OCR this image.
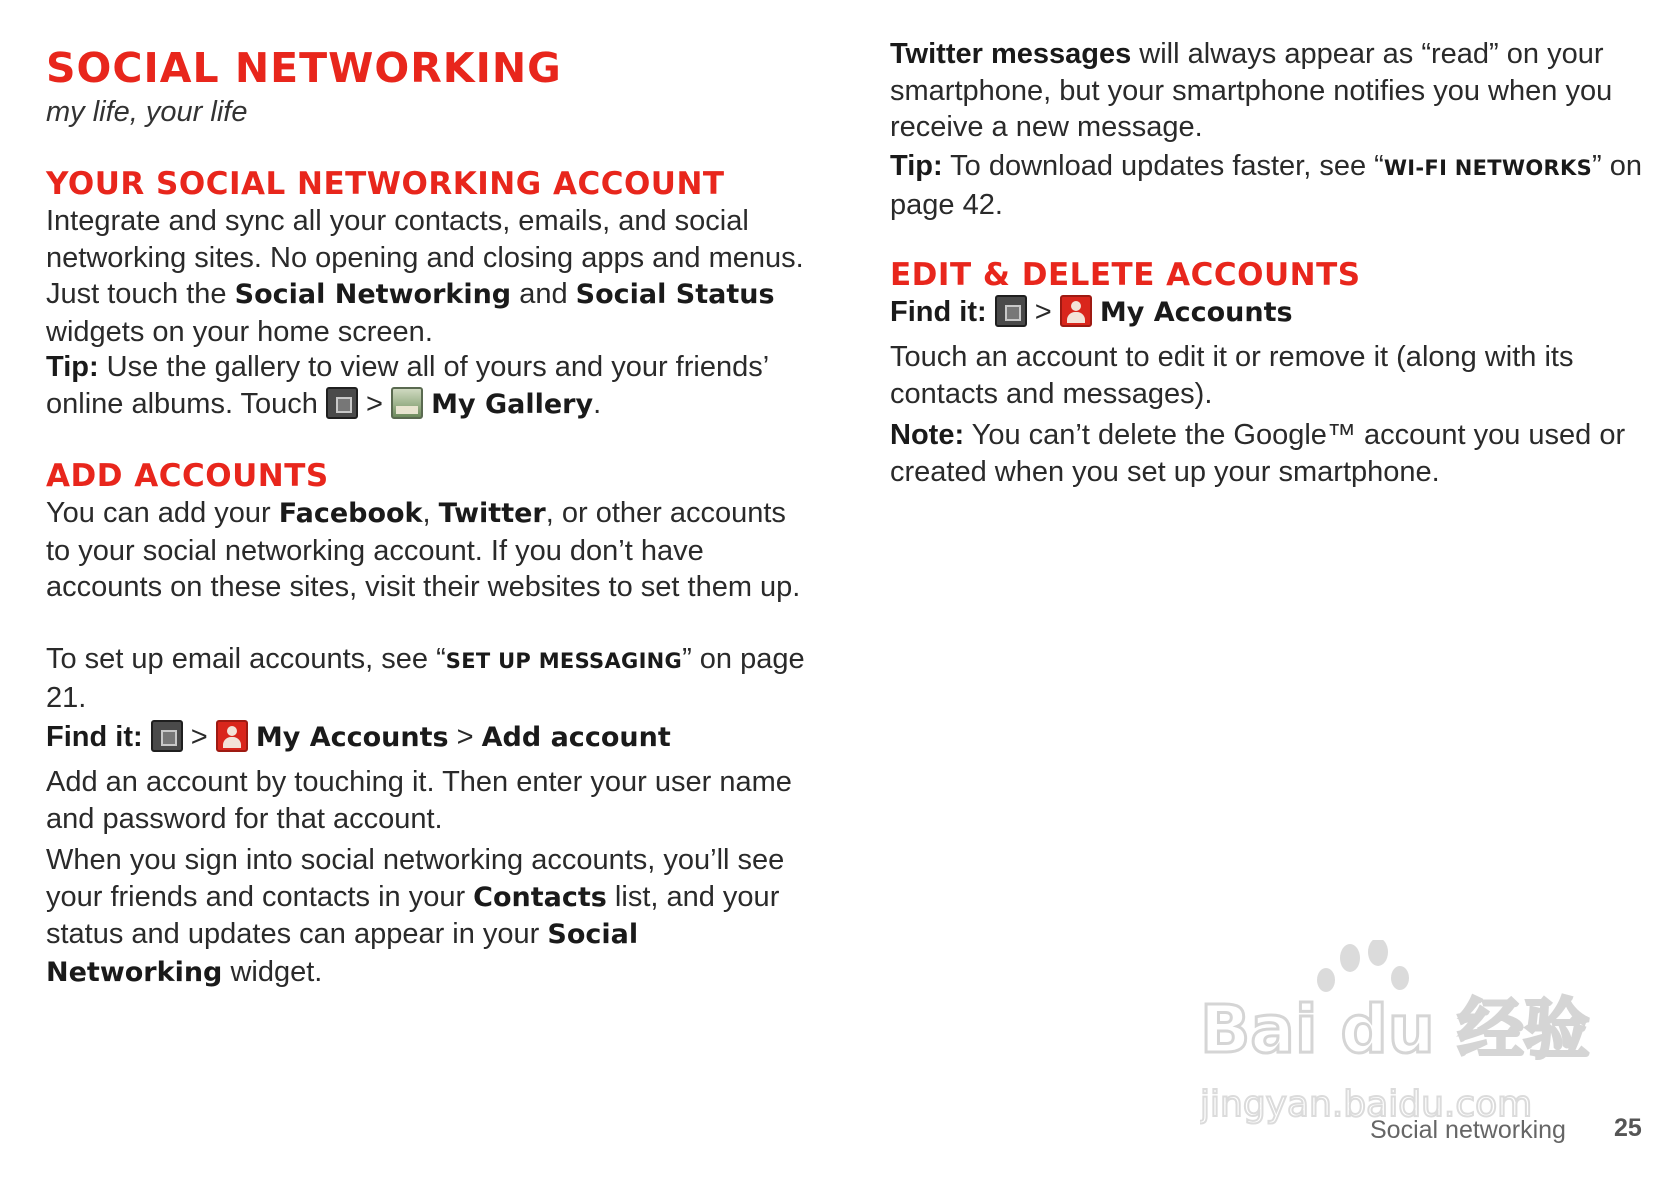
SOCIAL NETWORKING
my life, your life
YOUR SOCIAL NETWORKING ACCOUNT

Integrate and sync all your contacts, emails, and social networking sites. No opening and closing apps and menus. Just touch the Social Networking and Social Status widgets on your home screen.

Tip: Use the gallery to view all of yours and your friends’ online albums. Touch  >  My Gallery.

ADD ACCOUNTS

You can add your Facebook, Twitter, or other accounts to your social networking account. If you don’t have accounts on these sites, visit their websites to set them up.

To set up email accounts, see “SET UP MESSAGING” on page 21.

Find it:  >  My Accounts > Add account

Add an account by touching it. Then enter your user name and password for that account.

When you sign into social networking accounts, you’ll see your friends and contacts in your Contacts list, and your status and updates can appear in your Social Networking widget.

Twitter messages will always appear as “read” on your smartphone, but your smartphone notifies you when you receive a new message.

Tip: To download updates faster, see “WI-FI NETWORKS” on page 42.

EDIT & DELETE ACCOUNTS

Find it:  >  My Accounts

Touch an account to edit it or remove it (along with its contacts and messages).

Note: You can’t delete the Google™ account you used or created when you set up your smartphone.

Bai du 经验
jingyan.baidu.com
Social networking 25
